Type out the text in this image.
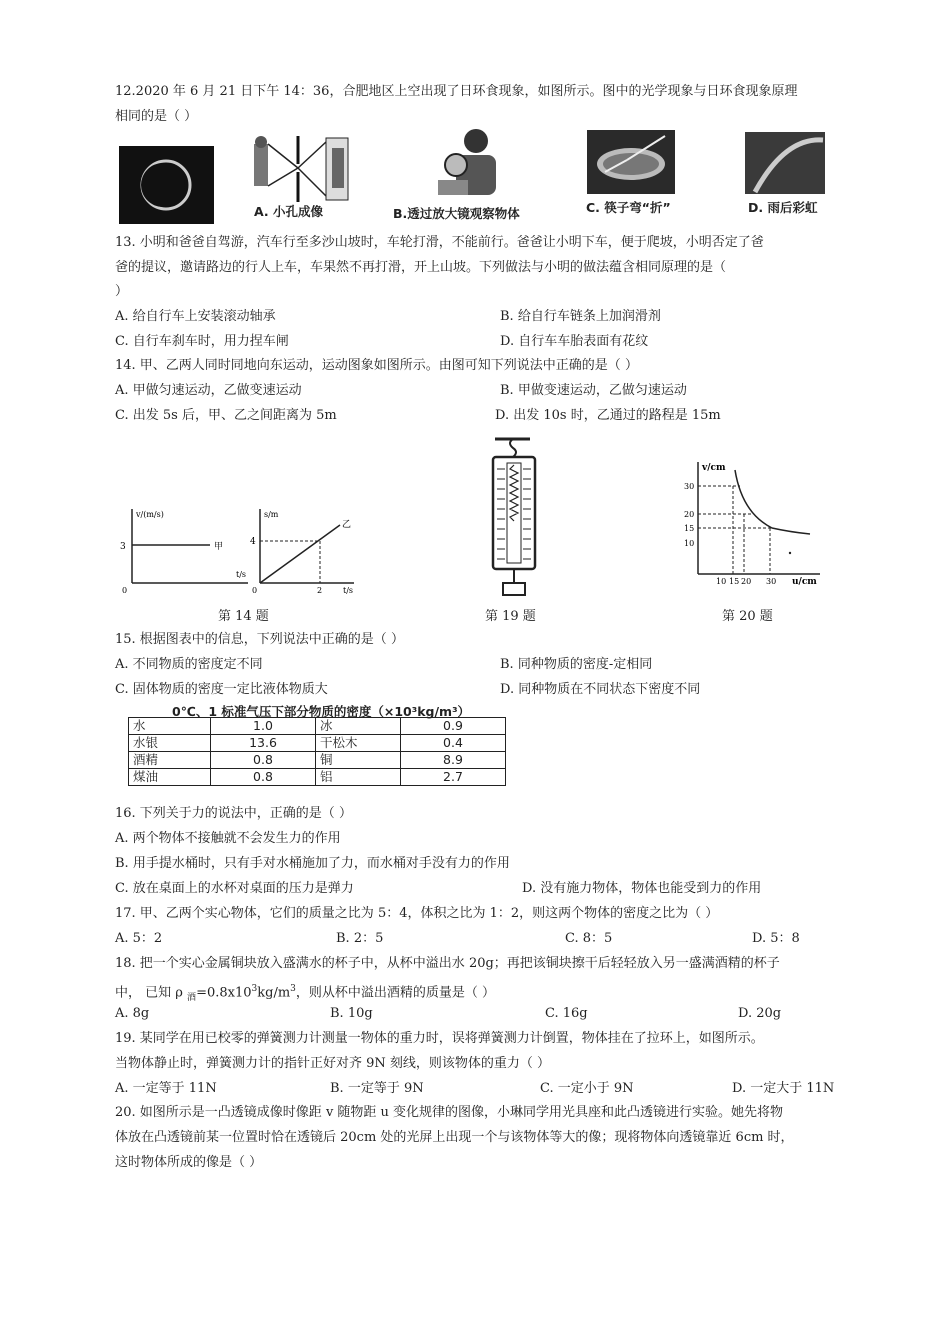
12.2020 年 6 月 21 日下午 14：36，合肥地区上空出现了日环食现象，如图所示。图中的光学现象与日环食现象原理
相同的是（ ）
A. 小孔成像	B.透过放大镜观察物体	C. 筷子弯“折”	D. 雨后彩虹
13. 小明和爸爸自驾游，汽车行至多沙山坡时，车轮打滑，不能前行。爸爸让小明下车，便于爬坡，小明否定了爸
爸的提议，邀请路边的行人上车，车果然不再打滑，开上山坡。下列做法与小明的做法蕴含相同原理的是（
）
A. 给自行车上安装滚动轴承	B. 给自行车链条上加润滑剂
C. 自行车刹车时，用力捏车闸	D. 自行车车胎表面有花纹
14. 甲、乙两人同时同地向东运动，运动图象如图所示。由图可知下列说法中正确的是（ ）
A. 甲做匀速运动，乙做变速运动	B. 甲做变速运动，乙做匀速运动
C. 出发 5s 后，甲、乙之间距离为 5m	D. 出发 10s 时，乙通过的路程是 15m
v/(m/s)
3
0
甲
t/s
s/m
4
2
0
乙
t/s
第 14 题	第 19 题
v/cm
30
20
15
10
10 15 20 30 u/cm
第 20 题
15. 根据图表中的信息，下列说法中正确的是（ ）
A. 不同物质的密度定不同	B. 同种物质的密度-定相同
C. 固体物质的密度一定比液体物质大	D. 同种物质在不同状态下密度不同
0℃、1 标准气压下部分物质的密度（×10³kg/m³）
水	1.0	冰	0.9
水银	13.6	干松木	0.4
酒精	0.8	铜	8.9
煤油	0.8	铝	2.7
16. 下列关于力的说法中，正确的是（ ）
A. 两个物体不接触就不会发生力的作用
B. 用手提水桶时，只有手对水桶施加了力，而水桶对手没有力的作用
C. 放在桌面上的水杯对桌面的压力是弹力	D. 没有施力物体，物体也能受到力的作用
17. 甲、乙两个实心物体，它们的质量之比为 5：4，体积之比为 1：2，则这两个物体的密度之比为（ ）
A. 5：2	B. 2：5	C. 8：5	D. 5：8
18. 把一个实心金属铜块放入盛满水的杯子中，从杯中溢出水 20g；再把该铜块擦干后轻轻放入另一盛满酒精的杯子
中， 已知 ρ $_酒=0.8x10^3kg/m^3$，则从杯中溢出酒精的质量是（ ）
A. 8g	B. 10g	C. 16g	D. 20g
19. 某同学在用已校零的弹簧测力计测量一物体的重力时，误将弹簧测力计倒置，物体挂在了拉环上，如图所示。
当物体静止时，弹簧测力计的指针正好对齐 9N 刻线，则该物体的重力（ ）
A. 一定等于 11N	B. 一定等于 9N	C. 一定小于 9N	D. 一定大于 11N
20. 如图所示是一凸透镜成像时像距 v 随物距 u 变化规律的图像，小琳同学用光具座和此凸透镜进行实验。她先将物
体放在凸透镜前某一位置时恰在透镜后 20cm 处的光屏上出现一个与该物体等大的像；现将物体向透镜靠近 6cm 时，
这时物体所成的像是（ ）
